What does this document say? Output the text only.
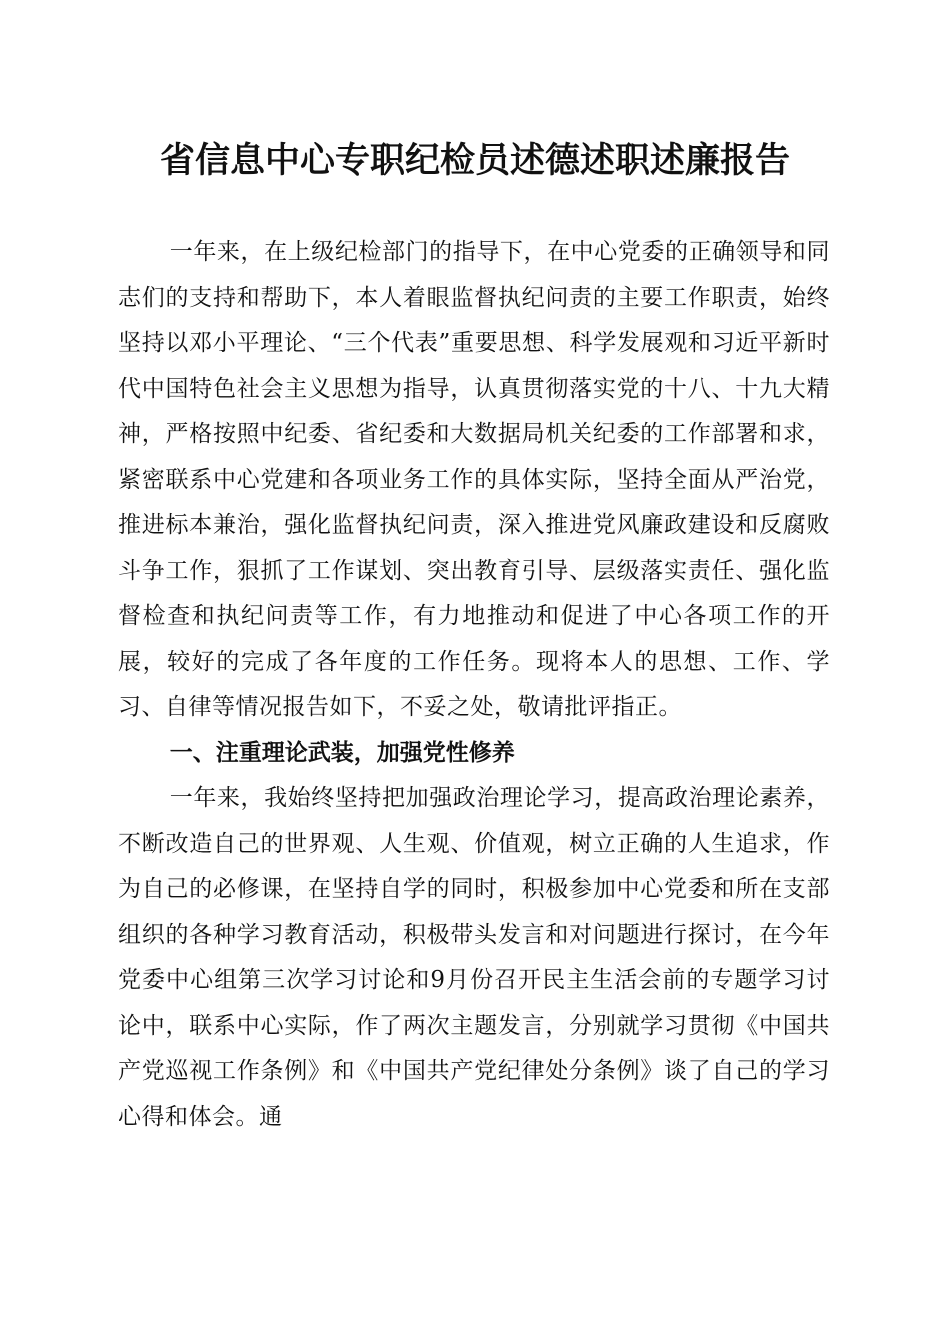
省信息中心专职纪检员述德述职述廉报告

一年来，在上级纪检部门的指导下，在中心党委的正确领导和同志们的支持和帮助下，本人着眼监督执纪问责的主要工作职责，始终坚持以邓小平理论、“三个代表”重要思想、科学发展观和习近平新时代中国特色社会主义思想为指导，认真贯彻落实党的十八、十九大精神，严格按照中纪委、省纪委和大数据局机关纪委的工作部署和求，紧密联系中心党建和各项业务工作的具体实际，坚持全面从严治党，推进标本兼治，强化监督执纪问责，深入推进党风廉政建设和反腐败斗争工作，狠抓了工作谋划、突出教育引导、层级落实责任、强化监督检查和执纪问责等工作，有力地推动和促进了中心各项工作的开展，较好的完成了各年度的工作任务。现将本人的思想、工作、学习、自律等情况报告如下，不妥之处，敬请批评指正。

一、注重理论武装，加强党性修养

一年来，我始终坚持把加强政治理论学习，提高政治理论素养，不断改造自己的世界观、人生观、价值观，树立正确的人生追求，作为自己的必修课，在坚持自学的同时，积极参加中心党委和所在支部组织的各种学习教育活动，积极带头发言和对问题进行探讨，在今年党委中心组第三次学习讨论和9月份召开民主生活会前的专题学习讨论中，联系中心实际，作了两次主题发言，分别就学习贯彻《中国共产党巡视工作条例》和《中国共产党纪律处分条例》谈了自己的学习心得和体会。通
